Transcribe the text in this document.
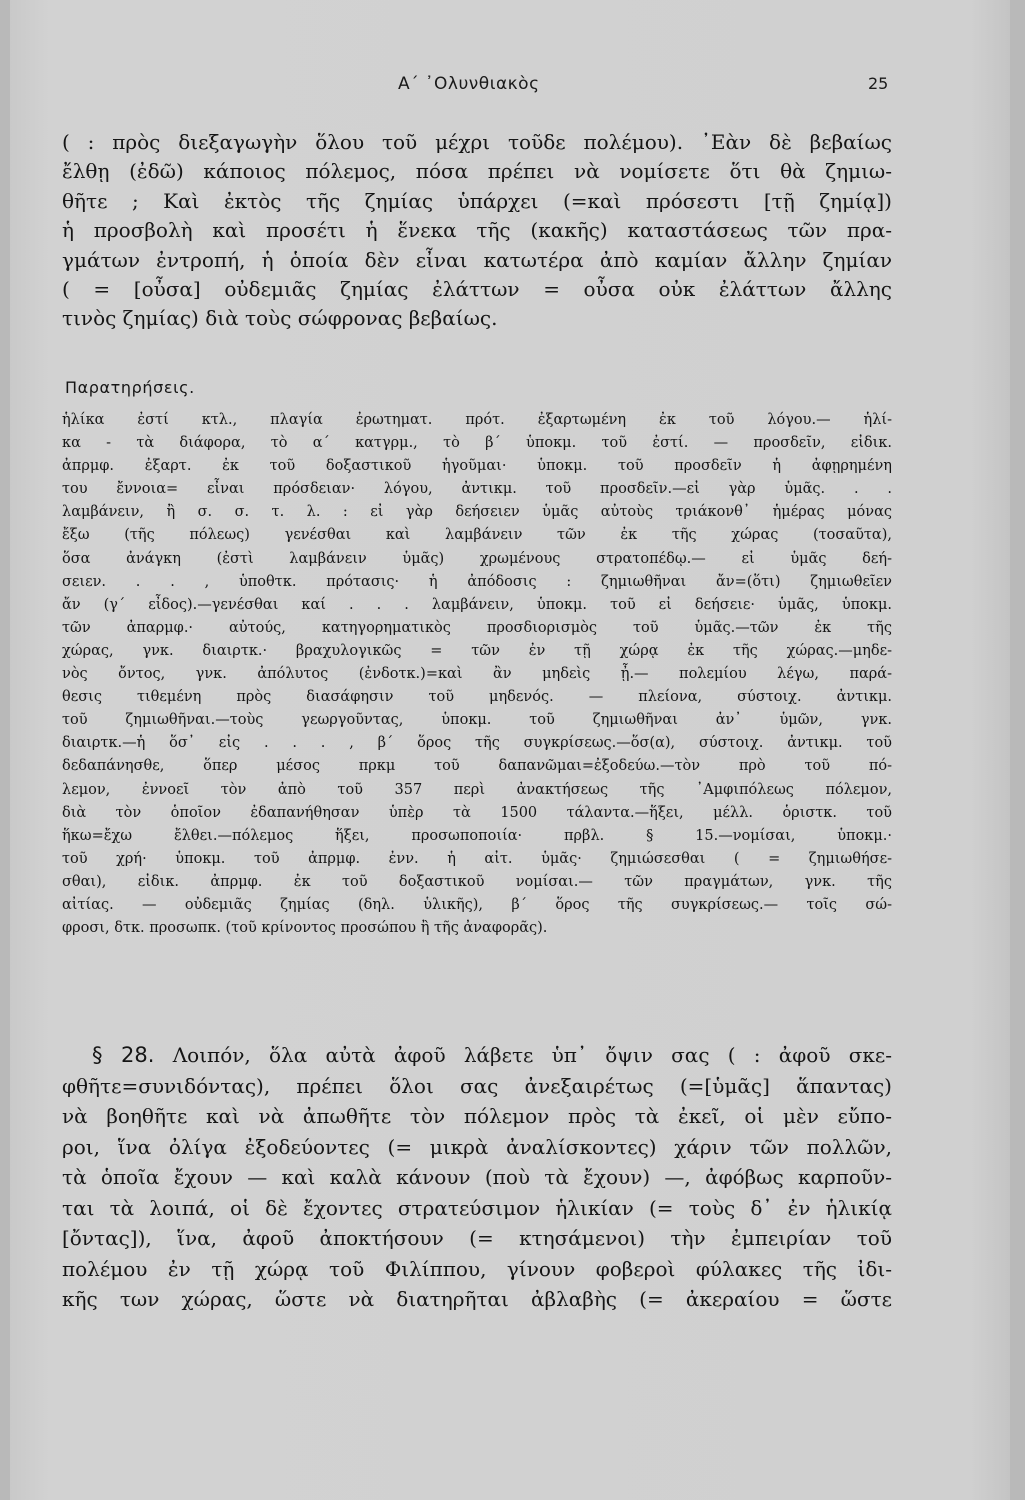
Α΄ ᾿Ολυνθιακὸς	25
( : πρὸς διεξαγωγὴν ὅλου τοῦ μέχρι τοῦδε πολέμου). ᾿Εὰν δὲ βεβαίως
ἔλθῃ (ἐδῶ) κάποιος πόλεμος, πόσα πρέπει νὰ νομίσετε ὅτι θὰ ζημιω-
θῆτε ; Καὶ ἐκτὸς τῆς ζημίας ὑπάρχει (=καὶ πρόσεστι [τῇ ζημίᾳ])
ἡ προσβολὴ καὶ προσέτι ἡ ἕνεκα τῆς (κακῆς) καταστάσεως τῶν πρα-
γμάτων ἐντροπή, ἡ ὁποία δὲν εἶναι κατωτέρα ἀπὸ καμίαν ἄλλην ζημίαν
( = [οὖσα] οὐδεμιᾶς ζημίας ἐλάττων = οὖσα οὐκ ἐλάττων ἄλλης
τινὸς ζημίας) διὰ τοὺς σώφρονας βεβαίως.
Παρατηρήσεις.
ἡλίκα ἐστί κτλ., πλαγία ἐρωτηματ. πρότ. ἐξαρτωμένη ἐκ τοῦ λόγου.— ἡλί-
κα - τὰ διάφορα, τὸ α΄ κατγρμ., τὸ β΄ ὑποκμ. τοῦ ἐστί. — προσδεῖν, εἰδικ.
ἀπρμφ. ἐξαρτ. ἐκ τοῦ δοξαστικοῦ ἡγοῦμαι· ὑποκμ. τοῦ προσδεῖν ἡ ἀφῃρημένη
του ἔννοια= εἶναι πρόσδειαν· λόγου, ἀντικμ. τοῦ προσδεῖν.—εἰ γὰρ ὑμᾶς. . .
λαμβάνειν, ἢ σ. σ. τ. λ. : εἰ γὰρ δεήσειεν ὑμᾶς αὐτοὺς τριάκονθ᾿ ἡμέρας μόνας
ἔξω (τῆς πόλεως) γενέσθαι καὶ λαμβάνειν τῶν ἐκ τῆς χώρας (τοσαῦτα),
ὅσα ἀνάγκη (ἐστὶ λαμβάνειν ὑμᾶς) χρωμένους στρατοπέδῳ.— εἰ ὑμᾶς δεή-
σειεν. . . , ὑποθτκ. πρότασις· ἡ ἀπόδοσις : ζημιωθῆναι ἄν=(ὅτι) ζημιωθεῖεν
ἄν (γ΄ εἶδος).—γενέσθαι καί . . . λαμβάνειν, ὑποκμ. τοῦ εἰ δεήσειε· ὑμᾶς, ὑποκμ.
τῶν ἀπαρμφ.· αὐτούς, κατηγορηματικὸς προσδιορισμὸς τοῦ ὑμᾶς.—τῶν ἐκ τῆς
χώρας, γνκ. διαιρτκ.· βραχυλογικῶς = τῶν ἐν τῇ χώρᾳ ἐκ τῆς χώρας.—μηδε-
νὸς ὄντος, γνκ. ἀπόλυτος (ἐνδοτκ.)=καὶ ἂν μηδεὶς ᾖ.— πολεμίου λέγω, παρά-
θεσις τιθεμένη πρὸς διασάφησιν τοῦ μηδενός. — πλείονα, σύστοιχ. ἀντικμ.
τοῦ ζημιωθῆναι.—τοὺς γεωργοῦντας, ὑποκμ. τοῦ ζημιωθῆναι ἀν᾿ ὑμῶν, γνκ.
διαιρτκ.—ἡ ὅσ᾿ εἰς . . . , β΄ ὅρος τῆς συγκρίσεως.—ὅσ(α), σύστοιχ. ἀντικμ. τοῦ
δεδαπάνησθε, ὅπερ μέσος πρκμ τοῦ δαπανῶμαι=ἐξοδεύω.—τὸν πρὸ τοῦ πό-
λεμον, ἐννοεῖ τὸν ἀπὸ τοῦ 357 περὶ ἀνακτήσεως τῆς ᾿Αμφιπόλεως πόλεμον,
διὰ τὸν ὁποῖον ἐδαπανήθησαν ὑπὲρ τὰ 1500 τάλαντα.—ἥξει, μέλλ. ὁριστκ. τοῦ
ἥκω=ἔχω ἔλθει.—πόλεμος ἥξει, προσωποποιία· πρβλ. § 15.—νομίσαι, ὑποκμ.·
τοῦ χρή· ὑποκμ. τοῦ ἀπρμφ. ἐνν. ἡ αἰτ. ὑμᾶς· ζημιώσεσθαι ( = ζημιωθήσε-
σθαι), εἰδικ. ἀπρμφ. ἐκ τοῦ δοξαστικοῦ νομίσαι.— τῶν πραγμάτων, γνκ. τῆς
αἰτίας. — οὐδεμιᾶς ζημίας (δηλ. ὑλικῆς), β΄ ὅρος τῆς συγκρίσεως.— τοῖς σώ-
φροσι, δτκ. προσωπκ. (τοῦ κρίνοντος προσώπου ἢ τῆς ἀναφορᾶς).
§ 28. Λοιπόν, ὅλα αὐτὰ ἀφοῦ λάβετε ὑπ᾿ ὄψιν σας ( : ἀφοῦ σκε-
φθῆτε=συνιδόντας), πρέπει ὅλοι σας ἀνεξαιρέτως (=[ὑμᾶς] ἅπαντας)
νὰ βοηθῆτε καὶ νὰ ἀπωθῆτε τὸν πόλεμον πρὸς τὰ ἐκεῖ, οἱ μὲν εὔπο-
ροι, ἵνα ὀλίγα ἐξοδεύοντες (= μικρὰ ἀναλίσκοντες) χάριν τῶν πολλῶν,
τὰ ὁποῖα ἔχουν — καὶ καλὰ κάνουν (ποὺ τὰ ἔχουν) —, ἀφόβως καρποῦν-
ται τὰ λοιπά, οἱ δὲ ἔχοντες στρατεύσιμον ἡλικίαν (= τοὺς δ᾿ ἐν ἡλικίᾳ
[ὄντας]), ἵνα, ἀφοῦ ἀποκτήσουν (= κτησάμενοι) τὴν ἐμπειρίαν τοῦ
πολέμου ἐν τῇ χώρᾳ τοῦ Φιλίππου, γίνουν φοβεροὶ φύλακες τῆς ἰδι-
κῆς των χώρας, ὥστε νὰ διατηρῆται ἀβλαβὴς (= ἀκεραίου = ὥστε
